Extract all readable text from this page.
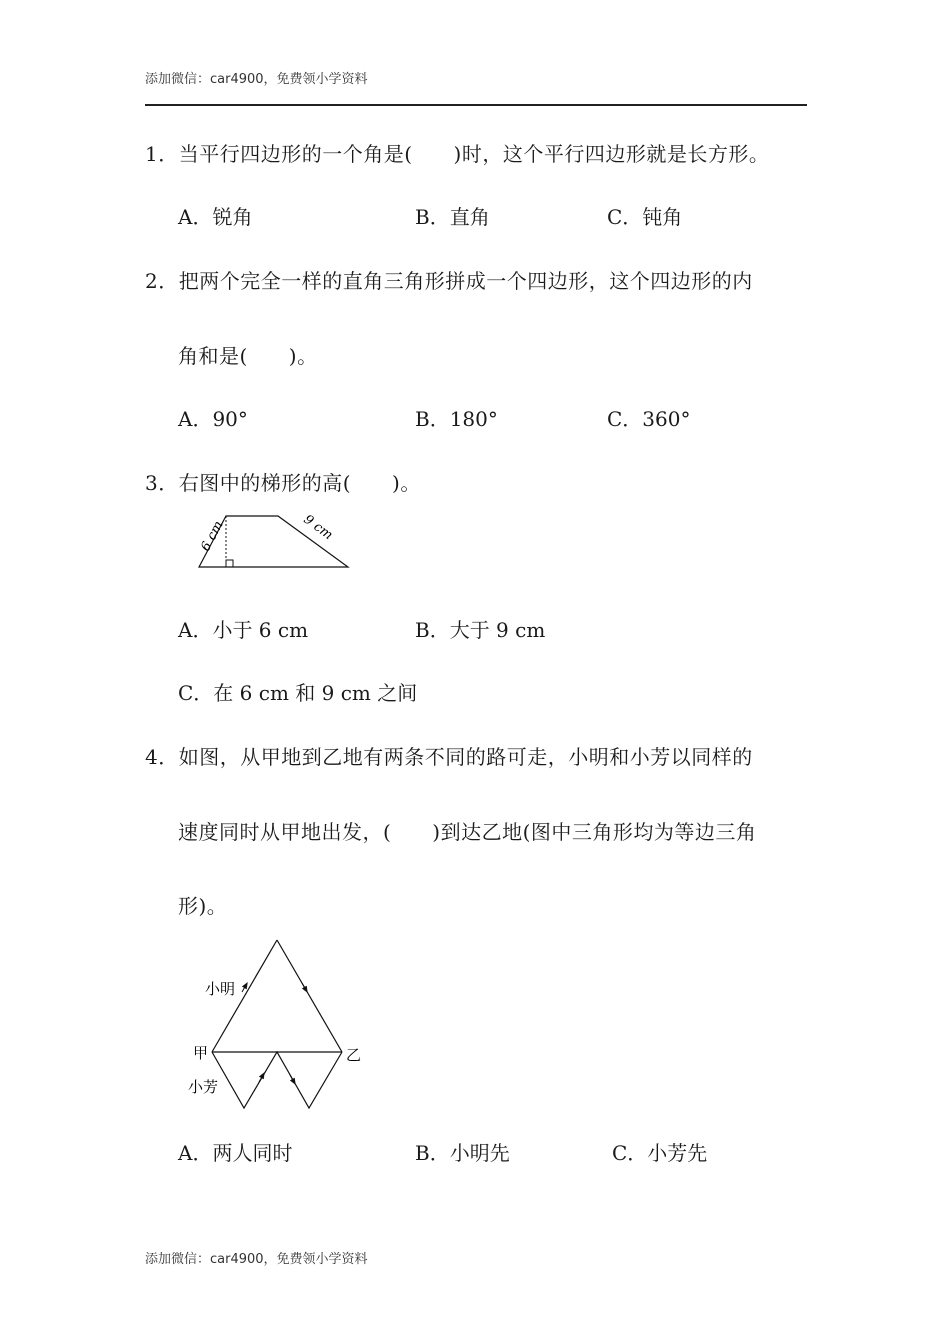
添加微信：car4900，免费领小学资料
1．当平行四边形的一个角是(　　)时，这个平行四边形就是长方形。
A．锐角	B．直角	C．钝角
2．把两个完全一样的直角三角形拼成一个四边形，这个四边形的内
角和是(　　)。
A．90°	B．180°	C．360°
3．右图中的梯形的高(　　)。
6 cm	9 cm
A．小于 6 cm	B．大于 9 cm
C．在 6 cm 和 9 cm 之间
4．如图，从甲地到乙地有两条不同的路可走，小明和小芳以同样的
速度同时从甲地出发，(　　)到达乙地(图中三角形均为等边三角
形)。
小明
甲	乙
小芳
A．两人同时	B．小明先	C．小芳先
添加微信：car4900，免费领小学资料
